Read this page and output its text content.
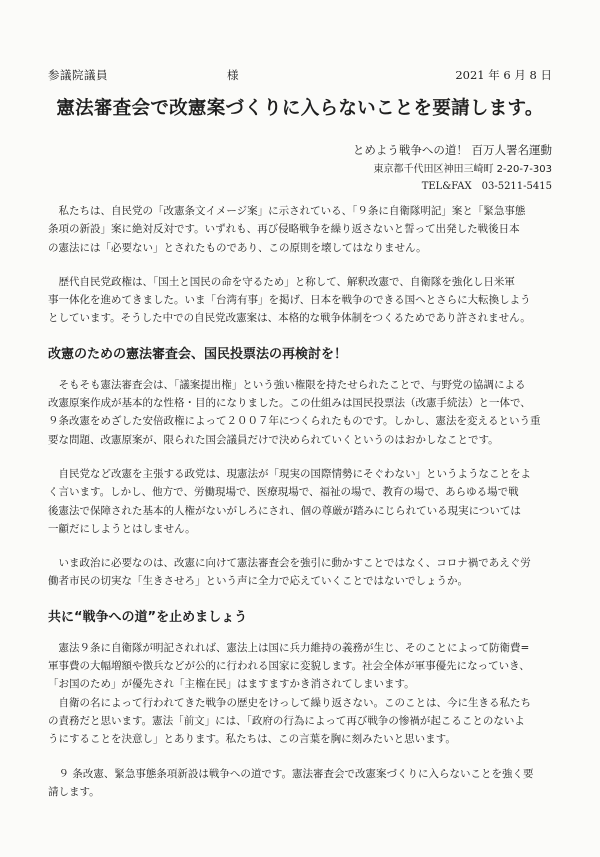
参議院議員	様	2021 年 6 月 8 日

憲法審査会で改憲案づくりに入らないことを要請します。

とめよう戦争への道！ 百万人署名運動

東京都千代田区神田三崎町 2-20-7-303

TEL&FAX　03-5211-5415

私たちは、自民党の「改憲条文イメージ案」に示されている、「９条に自衛隊明記」案と「緊急事態
条項の新設」案に絶対反対です。いずれも、再び侵略戦争を繰り返さないと誓って出発した戦後日本
の憲法には「必要ない」とされたものであり、この原則を壊してはなりません。

歴代自民党政権は、「国土と国民の命を守るため」と称して、解釈改憲で、自衛隊を強化し日米軍
事一体化を進めてきました。いま「台湾有事」を掲げ、日本を戦争のできる国へとさらに大転換しよう
としています。そうした中での自民党改憲案は、本格的な戦争体制をつくるためであり許されません。

改憲のための憲法審査会、国民投票法の再検討を！

そもそも憲法審査会は、「議案提出権」という強い権限を持たせられたことで、与野党の協調による
改憲原案作成が基本的な性格・目的になりました。この仕組みは国民投票法（改憲手続法）と一体で、
９条改憲をめざした安倍政権によって２００７年につくられたものです。しかし、憲法を変えるという重
要な問題、改憲原案が、限られた国会議員だけで決められていくというのはおかしなことです。

自民党など改憲を主張する政党は、現憲法が「現実の国際情勢にそぐわない」というようなことをよ
く言います。しかし、他方で、労働現場で、医療現場で、福祉の場で、教育の場で、あらゆる場で戦
後憲法で保障された基本的人権がないがしろにされ、個の尊厳が踏みにじられている現実については
一顧だにしようとはしません。

いま政治に必要なのは、改憲に向けて憲法審査会を強引に動かすことではなく、コロナ禍であえぐ労
働者市民の切実な「生きさせろ」という声に全力で応えていくことではないでしょうか。

共に“戦争への道”を止めましょう

憲法９条に自衛隊が明記されれば、憲法上は国に兵力維持の義務が生じ、そのことによって防衛費=
軍事費の大幅増額や徴兵などが公的に行われる国家に変貌します。社会全体が軍事優先になっていき、
「お国のため」が優先され「主権在民」はますますかき消されてしまいます。

自衛の名によって行われてきた戦争の歴史をけっして繰り返さない。このことは、今に生きる私たち
の責務だと思います。憲法「前文」には、「政府の行為によって再び戦争の惨禍が起こることのないよ
うにすることを決意し」とあります。私たちは、この言葉を胸に刻みたいと思います。

９ 条改憲、緊急事態条項新設は戦争への道です。憲法審査会で改憲案づくりに入らないことを強く要
請します。
